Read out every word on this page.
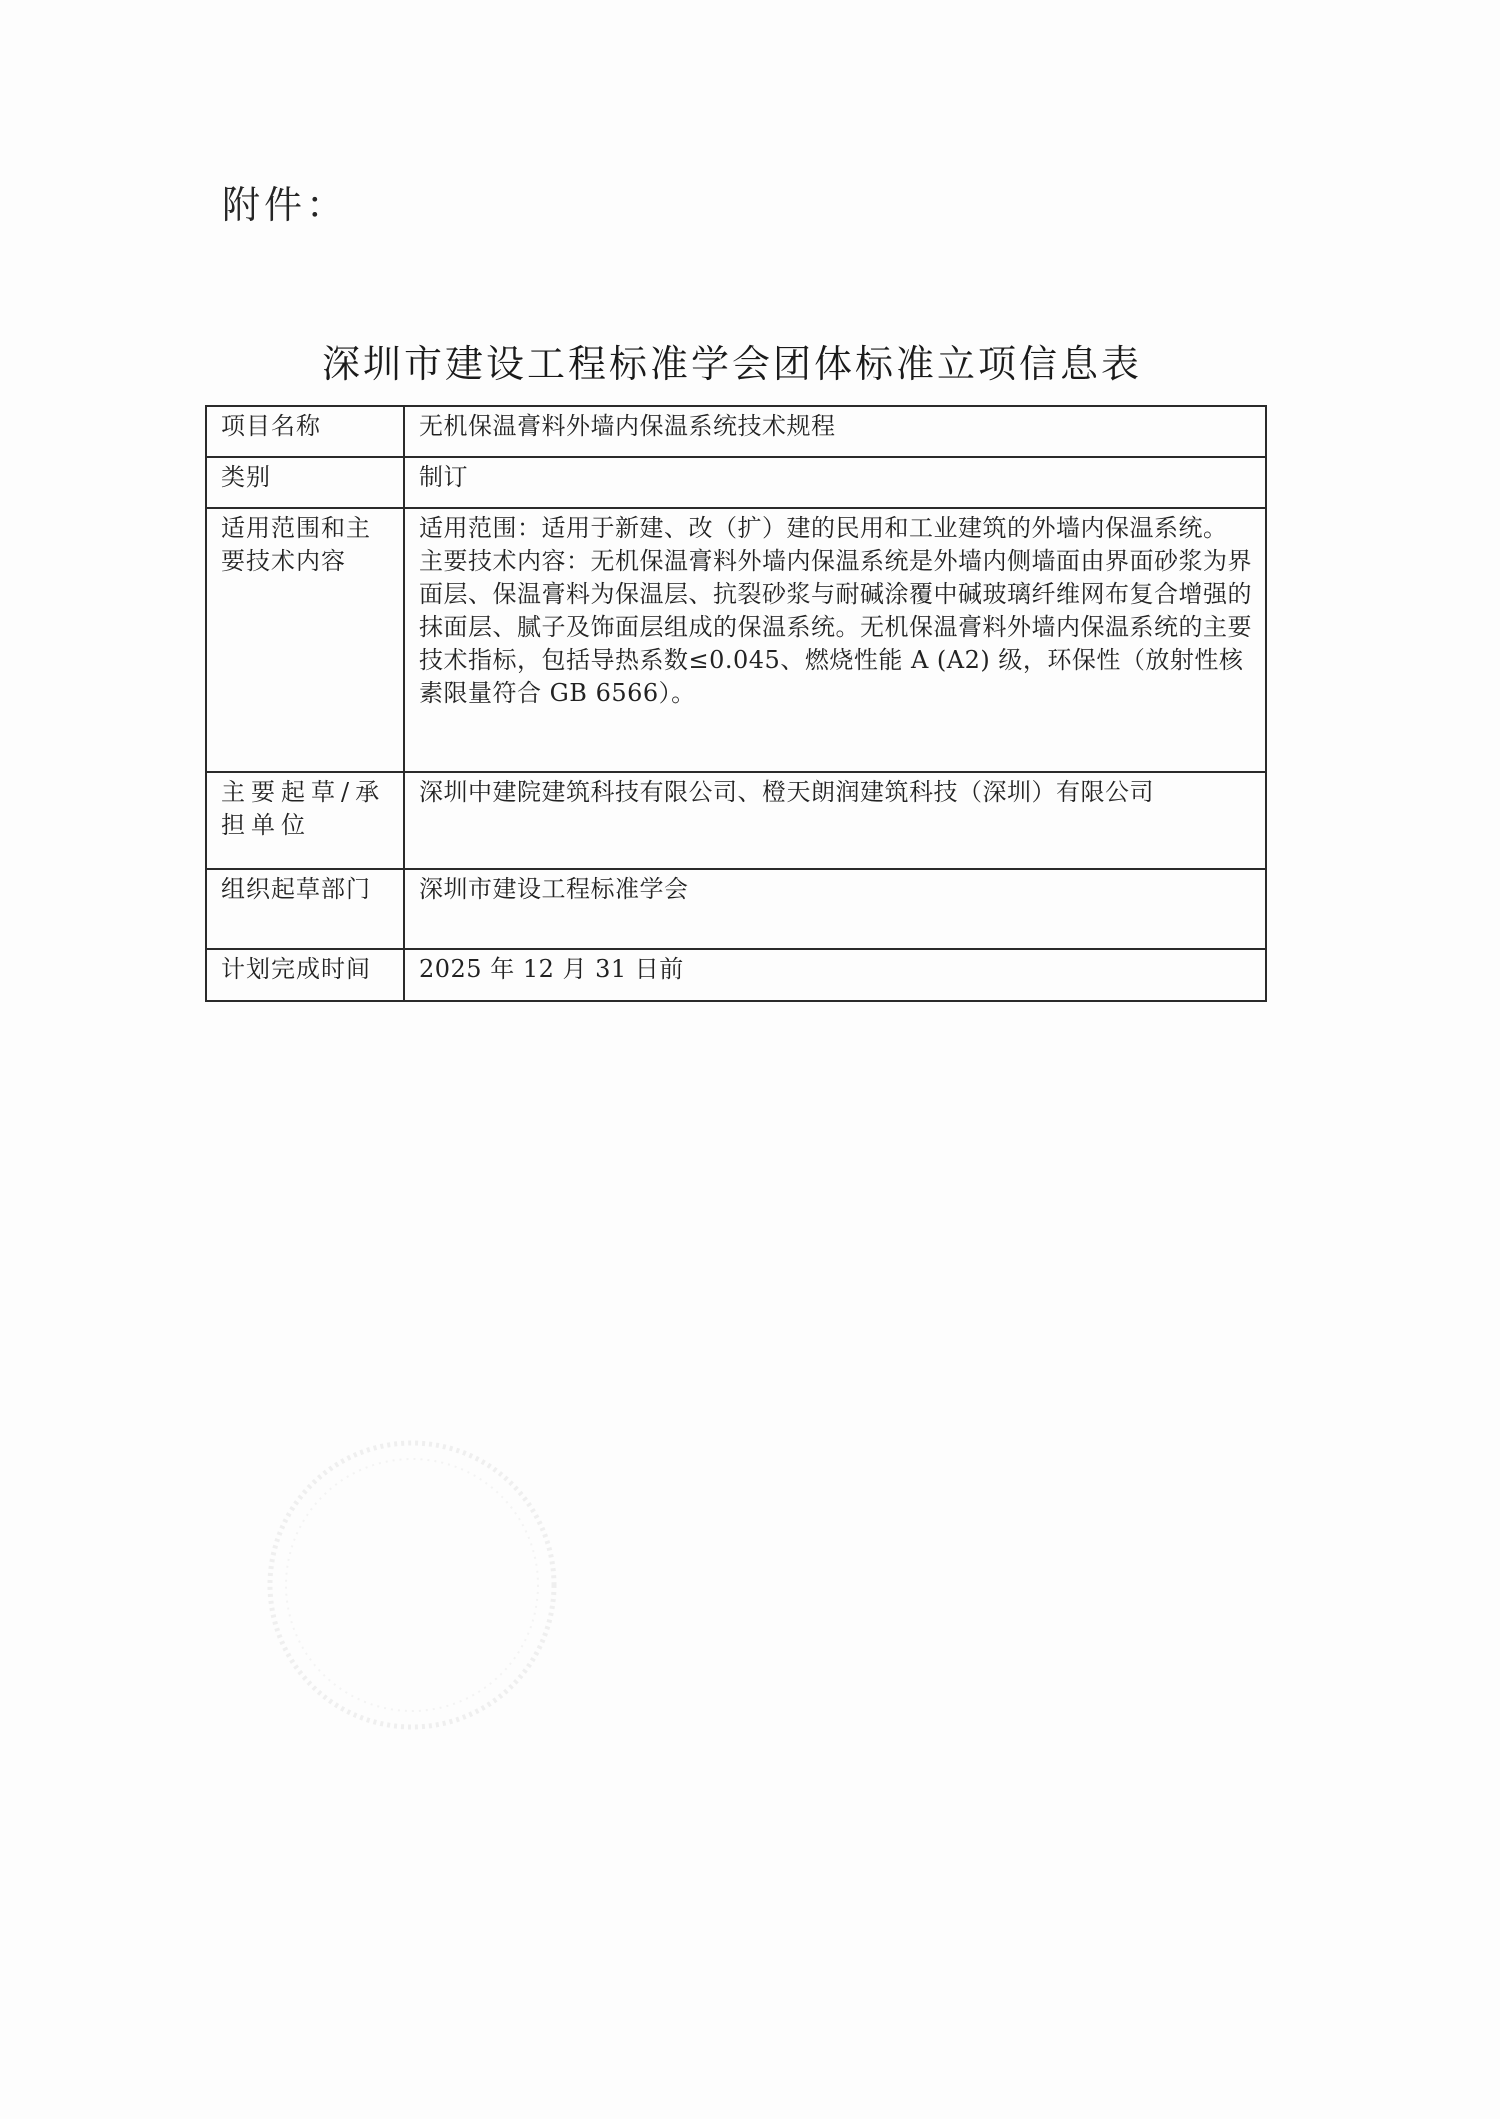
附件：
深圳市建设工程标准学会团体标准立项信息表
项目名称	无机保温膏料外墙内保温系统技术规程
类别	制订
适用范围和主要技术内容	适用范围：适用于新建、改（扩）建的民用和工业建筑的外墙内保温系统。
主要技术内容：无机保温膏料外墙内保温系统是外墙内侧墙面由界面砂浆为界面层、保温膏料为保温层、抗裂砂浆与耐碱涂覆中碱玻璃纤维网布复合增强的抹面层、腻子及饰面层组成的保温系统。无机保温膏料外墙内保温系统的主要技术指标，包括导热系数≤0.045、燃烧性能 A (A2) 级，环保性（放射性核素限量符合 GB 6566）。

主要起草/承担单位	深圳中建院建筑科技有限公司、橙天朗润建筑科技（深圳）有限公司
组织起草部门	深圳市建设工程标准学会
计划完成时间	2025 年 12 月 31 日前
